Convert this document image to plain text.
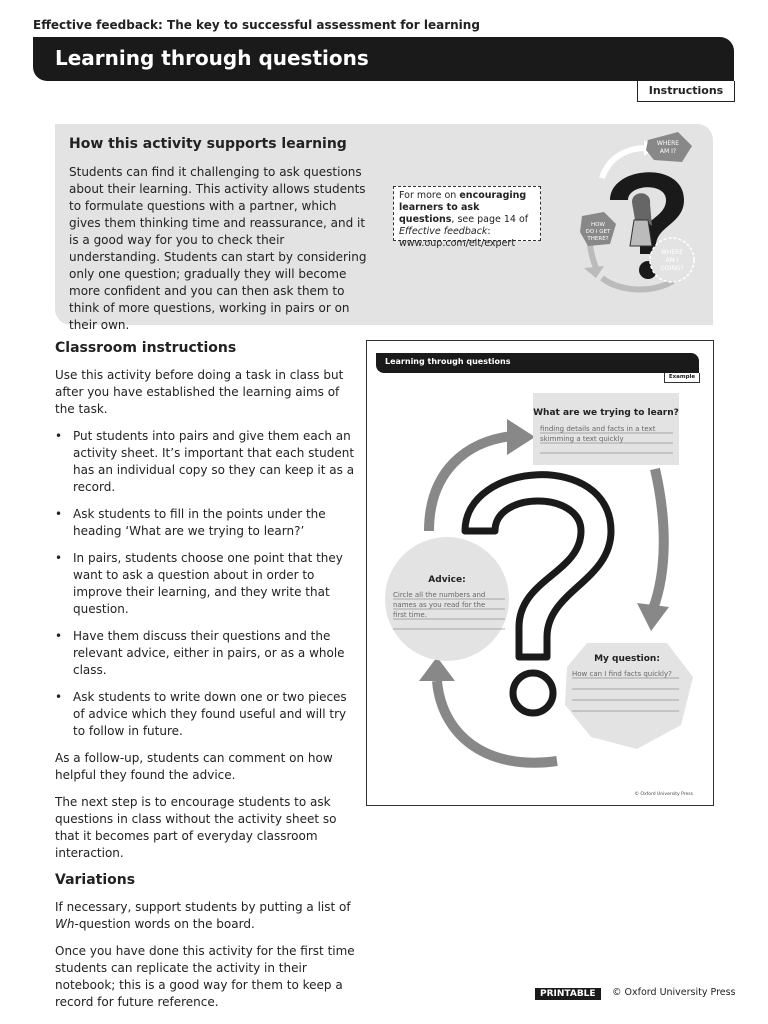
Effective feedback: The key to successful assessment for learning
Learning through questions
Instructions
How this activity supports learning

Students can find it challenging to ask questions about their learning. This activity allows students to formulate questions with a partner, which gives them thinking time and reassurance, and it is a good way for you to check their understanding. Students can start by considering only one question; gradually they will become more confident and you can then ask them to think of more questions, working in pairs or on their own.

For more on encouraging learners to ask questions, see page 14 of Effective feedback:
www.oup.com/elt/expert
WHERE
AM I?
HOW
DO I GET
THERE?
WHERE
AM I
GOING?
Classroom instructions

Use this activity before doing a task in class but after you have established the learning aims of the task.

• Put students into pairs and give them each an activity sheet. It’s important that each student has an individual copy so they can keep it as a record.
• Ask students to fill in the points under the heading ‘What are we trying to learn?’
• In pairs, students choose one point that they want to ask a question about in order to improve their learning, and they write that question.
• Have them discuss their questions and the relevant advice, either in pairs, or as a whole class.
• Ask students to write down one or two pieces of advice which they found useful and will try to follow in future.

As a follow-up, students can comment on how helpful they found the advice.

The next step is to encourage students to ask questions in class without the activity sheet so that it becomes part of everyday classroom interaction.

Variations

If necessary, support students by putting a list of Wh-question words on the board.

Once you have done this activity for the first time students can replicate the activity in their notebook; this is a good way for them to keep a record for future reference.

Learning through questions
Example
What are we trying to learn?
finding details and facts in a text
skimming a text quickly
Advice:
Circle all the numbers and
names as you read for the
first time.
My question:
How can I find facts quickly?
© Oxford University Press
PRINTABLE	© Oxford University Press
